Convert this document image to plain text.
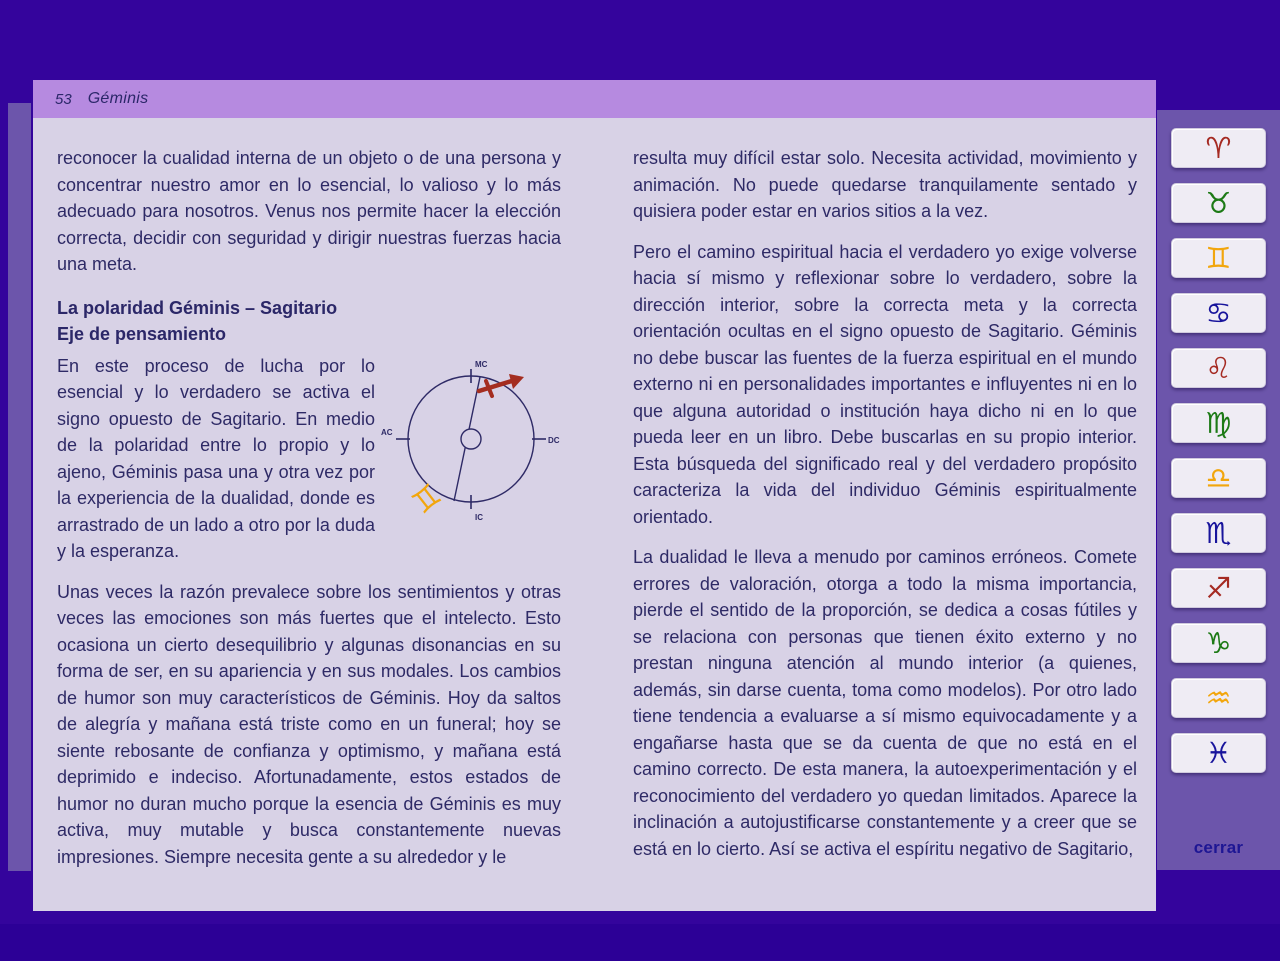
53 Géminis

reconocer la cualidad interna de un objeto o de una persona y concentrar nuestro amor en lo esencial, lo valioso y lo más adecuado para nosotros. Venus nos permite hacer la elección correcta, decidir con seguridad y dirigir nuestras fuerzas hacia una meta.

La polaridad Géminis – Sagitario
Eje de pensamiento

MC
AC
DC
IC
♊
En este proceso de lucha por lo esencial y lo verdadero se activa el signo opuesto de Sagitario. En medio de la polaridad entre lo propio y lo ajeno, Géminis pasa una y otra vez por la experiencia de la dualidad, donde es arrastrado de un lado a otro por la duda y la esperanza.

Unas veces la razón prevalece sobre los sentimientos y otras veces las emociones son más fuertes que el intelecto. Esto ocasiona un cierto desequilibrio y algunas disonancias en su forma de ser, en su apariencia y en sus modales. Los cambios de humor son muy característicos de Géminis. Hoy da saltos de alegría y mañana está triste como en un funeral; hoy se siente rebosante de confianza y optimismo, y mañana está deprimido e indeciso. Afortunadamente, estos estados de humor no duran mucho porque la esencia de Géminis es muy activa, muy mutable y busca constantemente nuevas impresiones. Siempre necesita gente a su alrededor y le

resulta muy difícil estar solo. Necesita actividad, movimiento y animación. No puede quedarse tranquilamente sentado y quisiera poder estar en varios sitios a la vez.

Pero el camino espiritual hacia el verdadero yo exige volverse hacia sí mismo y reflexionar sobre lo verdadero, sobre la dirección interior, sobre la correcta meta y la correcta orientación ocultas en el signo opuesto de Sagitario. Géminis no debe buscar las fuentes de la fuerza espiritual en el mundo externo ni en personalidades importantes e influyentes ni en lo que alguna autoridad o institución haya dicho ni en lo que pueda leer en un libro. Debe buscarlas en su propio interior. Esta búsqueda del significado real y del verdadero propósito caracteriza la vida del individuo Géminis espiritualmente orientado.

La dualidad le lleva a menudo por caminos erróneos. Comete errores de valoración, otorga a todo la misma importancia, pierde el sentido de la proporción, se dedica a cosas fútiles y se relaciona con personas que tienen éxito externo y no prestan ninguna atención al mundo interior (a quienes, además, sin darse cuenta, toma como modelos). Por otro lado tiene tendencia a evaluarse a sí mismo equivocadamente y a engañarse hasta que se da cuenta de que no está en el camino correcto. De esta manera, la autoexperimentación y el reconocimiento del verdadero yo quedan limitados. Aparece la inclinación a autojustificarse constantemente y a creer que se está en lo cierto. Así se activa el espíritu negativo de Sagitario,

♈
♉
♊
♋
♌
♍
♎
♏
♐
♑
♒
♓
cerrar
